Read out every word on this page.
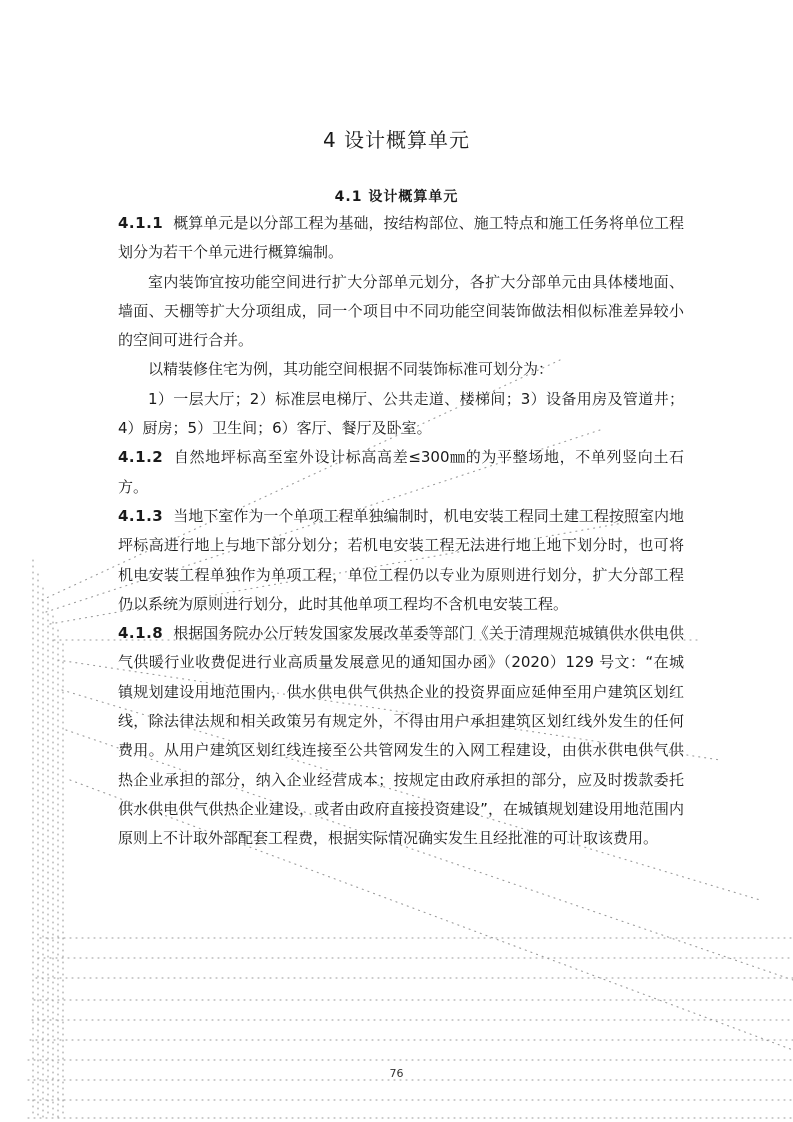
4 设计概算单元
4.1 设计概算单元

4.1.1 概算单元是以分部工程为基础，按结构部位、施工特点和施工任务将单位工程划分为若干个单元进行概算编制。

室内装饰宜按功能空间进行扩大分部单元划分，各扩大分部单元由具体楼地面、墙面、天棚等扩大分项组成，同一个项目中不同功能空间装饰做法相似标准差异较小的空间可进行合并。

以精装修住宅为例，其功能空间根据不同装饰标准可划分为：

1）一层大厅；2）标准层电梯厅、公共走道、楼梯间；3）设备用房及管道井；4）厨房；5）卫生间；6）客厅、餐厅及卧室。

4.1.2 自然地坪标高至室外设计标高高差≤300㎜的为平整场地，不单列竖向土石方。

4.1.3 当地下室作为一个单项工程单独编制时，机电安装工程同土建工程按照室内地坪标高进行地上与地下部分划分；若机电安装工程无法进行地上地下划分时，也可将机电安装工程单独作为单项工程，单位工程仍以专业为原则进行划分，扩大分部工程仍以系统为原则进行划分，此时其他单项工程均不含机电安装工程。

4.1.8 根据国务院办公厅转发国家发展改革委等部门《关于清理规范城镇供水供电供气供暖行业收费促进行业高质量发展意见的通知国办函》（2020）129 号文：“在城镇规划建设用地范围内，供水供电供气供热企业的投资界面应延伸至用户建筑区划红线，除法律法规和相关政策另有规定外，不得由用户承担建筑区划红线外发生的任何费用。从用户建筑区划红线连接至公共管网发生的入网工程建设，由供水供电供气供热企业承担的部分，纳入企业经营成本；按规定由政府承担的部分，应及时拨款委托供水供电供气供热企业建设，或者由政府直接投资建设”，在城镇规划建设用地范围内原则上不计取外部配套工程费，根据实际情况确实发生且经批准的可计取该费用。

76
